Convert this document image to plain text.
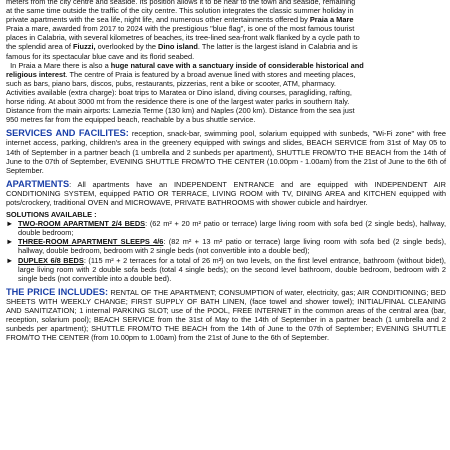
meters from the city centre and seaside. Its position allows it to be near to the town and seaside, remaining

at the same time outside the traffic of the city centre. This solution integrates the classic summer holiday in

private apartments with the sea life, night life, and numerous other entertainments offered by Praia a Mare

Praia a mare, awarded from 2017 to 2024 with the prestigious "blue flag", is one of the most famous tourist

places in Calabria, with several kilometres of beaches, its tree-lined sea-front walk flanked by a cycle path to

the splendid area of Fiuzzi, overlooked by the Dino island. The latter is the largest island in Calabria and is

famous for its spectacular blue cave and its florid seabed.

In Praia a Mare there is also a huge natural cave with a sanctuary inside of considerable historical and

religious interest. The centre of Praia is featured by a broad avenue lined with stores and meeting places,

such as bars, piano bars, discos, pubs, restaurants, pizzerias, rent a bike or scooter, ATM, pharmacy.

Activities available (extra charge): boat trips to Maratea or Dino island, diving courses, paragliding, rafting,

horse riding. At about 3000 mt from the residence there is one of the largest water parks in southern Italy.

Distance from the main airports: Lamezia Terme (130 km) and Naples (200 km). Distance from the sea just

950 metres far from the equipped beach, reachable by a bus shuttle service.

SERVICES AND FACILITES: reception, snack-bar, swimming pool, solarium equipped with sunbeds, "Wi-Fi zone" with free internet access, parking, children's area in the greenery equipped with swings and slides, BEACH SERVICE from 31st of May 05 to 14th of September in a partner beach (1 umbrella and 2 sunbeds per apartment), SHUTTLE FROM/TO THE BEACH from the 14th of June to the 07th of September, EVENING SHUTTLE FROM/TO THE CENTER (10.00pm - 1.00am) from the 21st of June to the 6th of September.

APARTMENTS: All apartments have an INDEPENDENT ENTRANCE and are equipped with INDEPENDENT AIR CONDITIONING SYSTEM, equipped PATIO OR TERRACE, LIVING ROOM with TV, DINING AREA and KITCHEN equipped with pots/crockery, traditional OVEN and MICROWAVE, PRIVATE BATHROOMS with shower cubicle and hairdryer.

SOLUTIONS AVAILABLE :

► TWO-ROOM APARTMENT 2/4 BEDS: (62 m² + 20 m² patio or terrace) large living room with sofa bed (2 single beds), hallway, double bedroom;
► THREE-ROOM APARTMENT SLEEPS 4/6: (82 m² + 13 m² patio or terrace) large living room with sofa bed (2 single beds), hallway, double bedroom, bedroom with 2 single beds (not convertible into a double bed);
► DUPLEX 6/8 BEDS: (115 m² + 2 terraces for a total of 26 m²) on two levels, on the first level entrance, bathroom (without bidet), large living room with 2 double sofa beds (total 4 single beds); on the second level bathroom, double bedroom, bedroom with 2 single beds (not convertible into a double bed).

THE PRICE INCLUDES: RENTAL OF THE APARTMENT; CONSUMPTION of water, electricity, gas; AIR CONDITIONING; BED SHEETS WITH WEEKLY CHANGE; FIRST SUPPLY OF BATH LINEN, (face towel and shower towel); INITIAL/FINAL CLEANING AND SANITIZATION; 1 internal PARKING SLOT; use of the POOL, FREE INTERNET in the common areas of the central area (bar, reception, solarium pool); BEACH SERVICE from the 31st of May to the 14th of September in a partner beach (1 umbrella and 2 sunbeds per apartment); SHUTTLE FROM/TO THE BEACH from the 14th of June to the 07th of September; EVENING SHUTTLE FROM/TO THE CENTER (from 10.00pm to 1.00am) from the 21st of June to the 6th of September.
